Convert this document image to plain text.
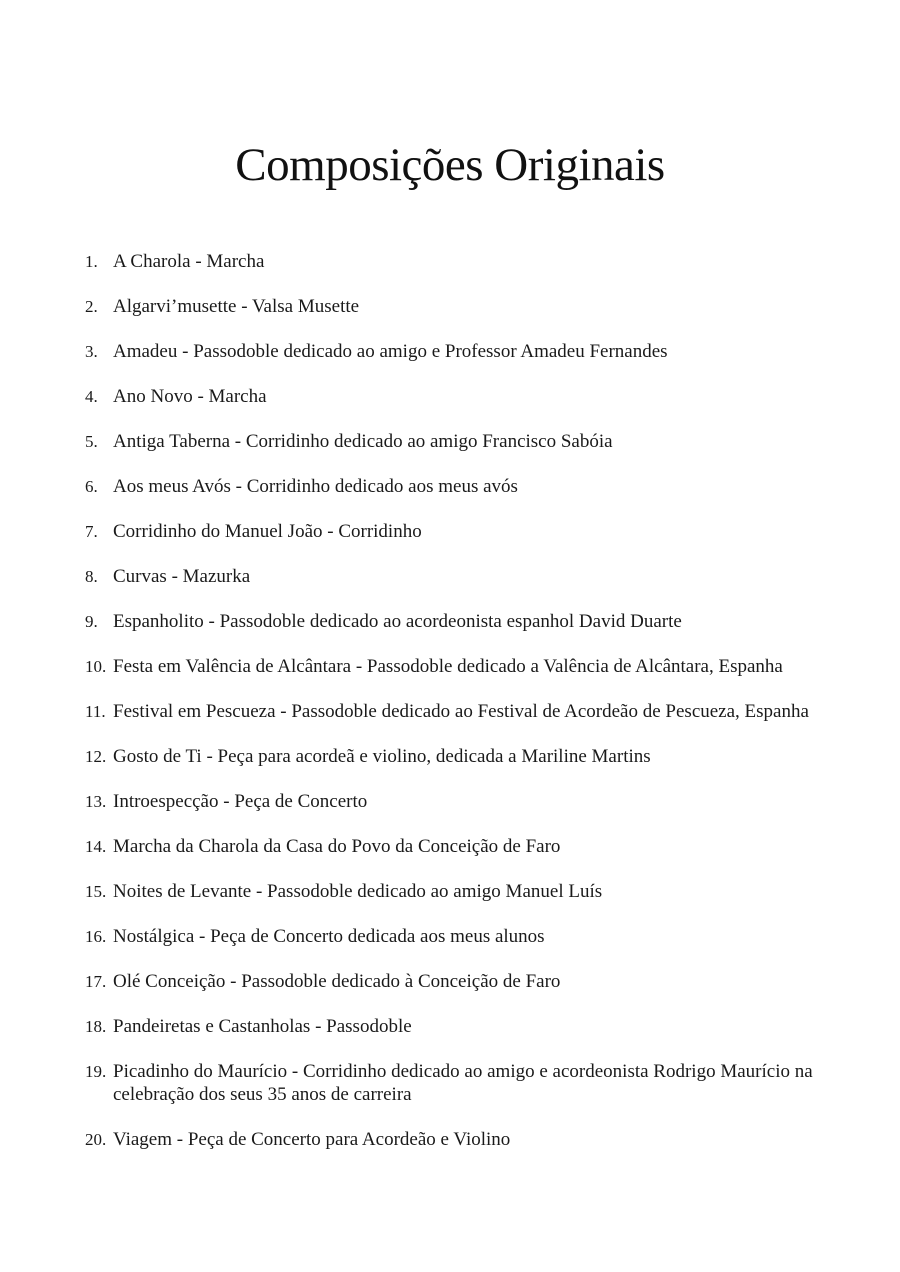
Composições Originais
1. A Charola - Marcha
2. Algarvi’musette - Valsa Musette
3. Amadeu - Passodoble dedicado ao amigo e Professor Amadeu Fernandes
4. Ano Novo - Marcha
5. Antiga Taberna - Corridinho dedicado ao amigo Francisco Sabóia
6. Aos meus Avós - Corridinho dedicado aos meus avós
7. Corridinho do Manuel João - Corridinho
8. Curvas - Mazurka
9. Espanholito - Passodoble dedicado ao acordeonista espanhol David Duarte
10. Festa em Valência de Alcântara - Passodoble dedicado a Valência de Alcântara, Espanha
11. Festival em Pescueza - Passodoble dedicado ao Festival de Acordeão de Pescueza, Espanha
12. Gosto de Ti - Peça para acordeã e violino, dedicada a Mariline Martins
13. Introespecção - Peça de Concerto
14. Marcha da Charola da Casa do Povo da Conceição de Faro
15. Noites de Levante - Passodoble dedicado ao amigo Manuel Luís
16. Nostálgica - Peça de Concerto dedicada aos meus alunos
17. Olé Conceição - Passodoble dedicado à Conceição de Faro
18. Pandeiretas e Castanholas - Passodoble
19. Picadinho do Maurício - Corridinho dedicado ao amigo e acordeonista Rodrigo Maurício na celebração dos seus 35 anos de carreira
20. Viagem - Peça de Concerto para Acordeão e Violino
